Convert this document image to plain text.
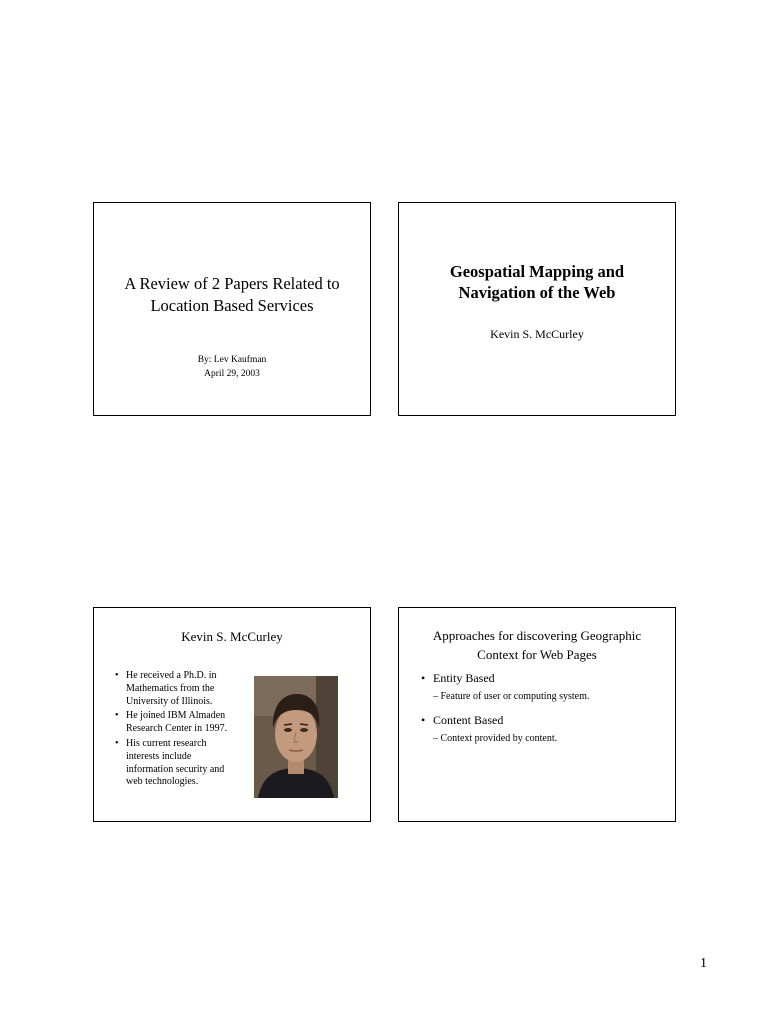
A Review of 2 Papers Related to
Location Based Services
By: Lev Kaufman
April 29, 2003
Geospatial Mapping and
Navigation of the Web
Kevin S. McCurley
Kevin S. McCurley
• He received a Ph.D. in Mathematics from the University of Illinois.
• He joined IBM Almaden Research Center in 1997.
• His current research interests include information security and web technologies.
Approaches for discovering Geographic
Context for Web Pages
• Entity Based
– Feature of user or computing system.
• Content Based
– Context provided by content.
1
